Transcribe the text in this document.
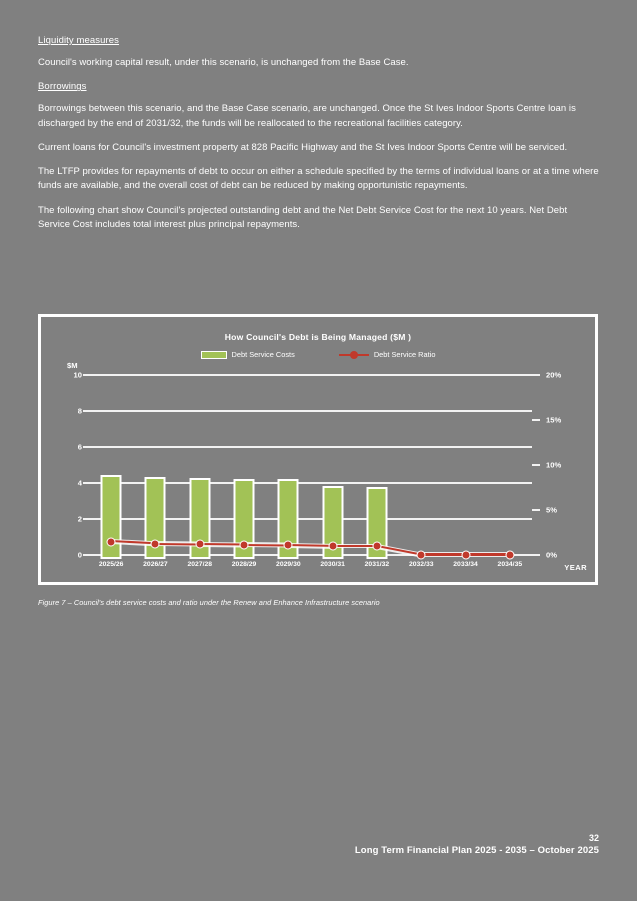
Liquidity measures
Council's working capital result, under this scenario, is unchanged from the Base Case.
Borrowings
Borrowings between this scenario, and the Base Case scenario, are unchanged. Once the St Ives Indoor Sports Centre loan is discharged by the end of 2031/32, the funds will be reallocated to the recreational facilities category.
Current loans for Council's investment property at 828 Pacific Highway and the St Ives Indoor Sports Centre will be serviced.
The LTFP provides for repayments of debt to occur on either a schedule specified by the terms of individual loans or at a time where funds are available, and the overall cost of debt can be reduced by making opportunistic repayments.
The following chart show Council's projected outstanding debt and the Net Debt Service Cost for the next 10 years. Net Debt Service Cost includes total interest plus principal repayments.
How Council's Debt is Being Managed ($M )
Debt Service Costs	Debt Service Ratio
$M
YEAR
0
2
4
6
8
10
0%
5%
10%
15%
20%
2025/26	2026/27	2027/28	2028/29	2029/30	2030/31	2031/32	2032/33	2033/34	2034/35
Figure 7 – Council's debt service costs and ratio under the Renew and Enhance Infrastructure scenario
32
Long Term Financial Plan 2025 - 2035 – October 2025
